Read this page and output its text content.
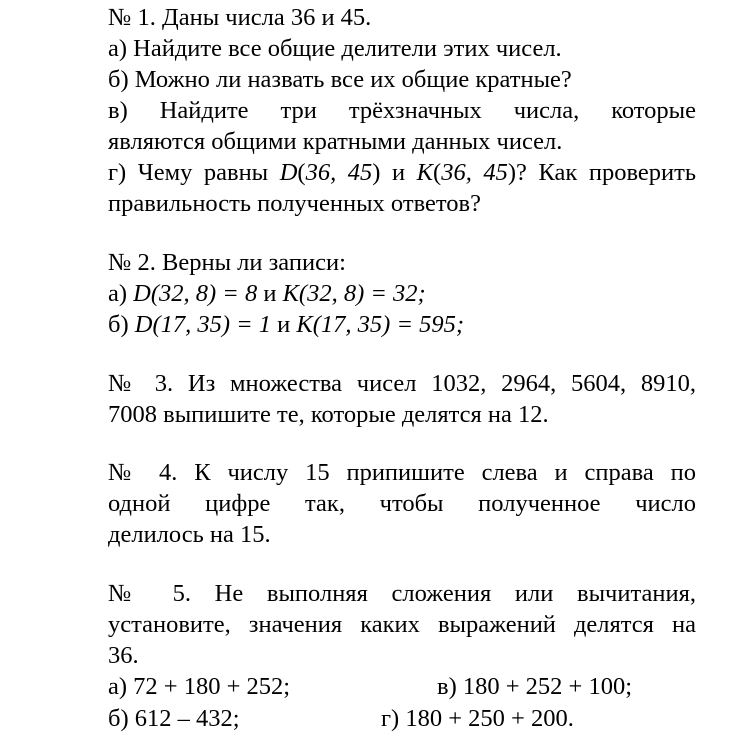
№ 1. Даны числа 36 и 45.
а) Найдите все общие делители этих чисел.
б) Можно ли назвать все их общие кратные?
в) Найдите три трёхзначных числа, которые
являются общими кратными данных чисел.
г) Чему равны D(36, 45) и K(36, 45)? Как проверить
правильность полученных ответов?
№ 2. Верны ли записи:
а) D(32, 8) = 8 и K(32, 8) = 32;
б) D(17, 35) = 1 и K(17, 35) = 595;
№ 3. Из множества чисел 1032, 2964, 5604, 8910,
7008 выпишите те, которые делятся на 12.
№ 4. К числу 15 припишите слева и справа по
одной цифре так, чтобы полученное число
делилось на 15.
№ 5. Не выполняя сложения или вычитания,
установите, значения каких выражений делятся на
36.
а) 72 + 180 + 252;	в) 180 + 252 + 100;
б) 612 – 432;	г) 180 + 250 + 200.
